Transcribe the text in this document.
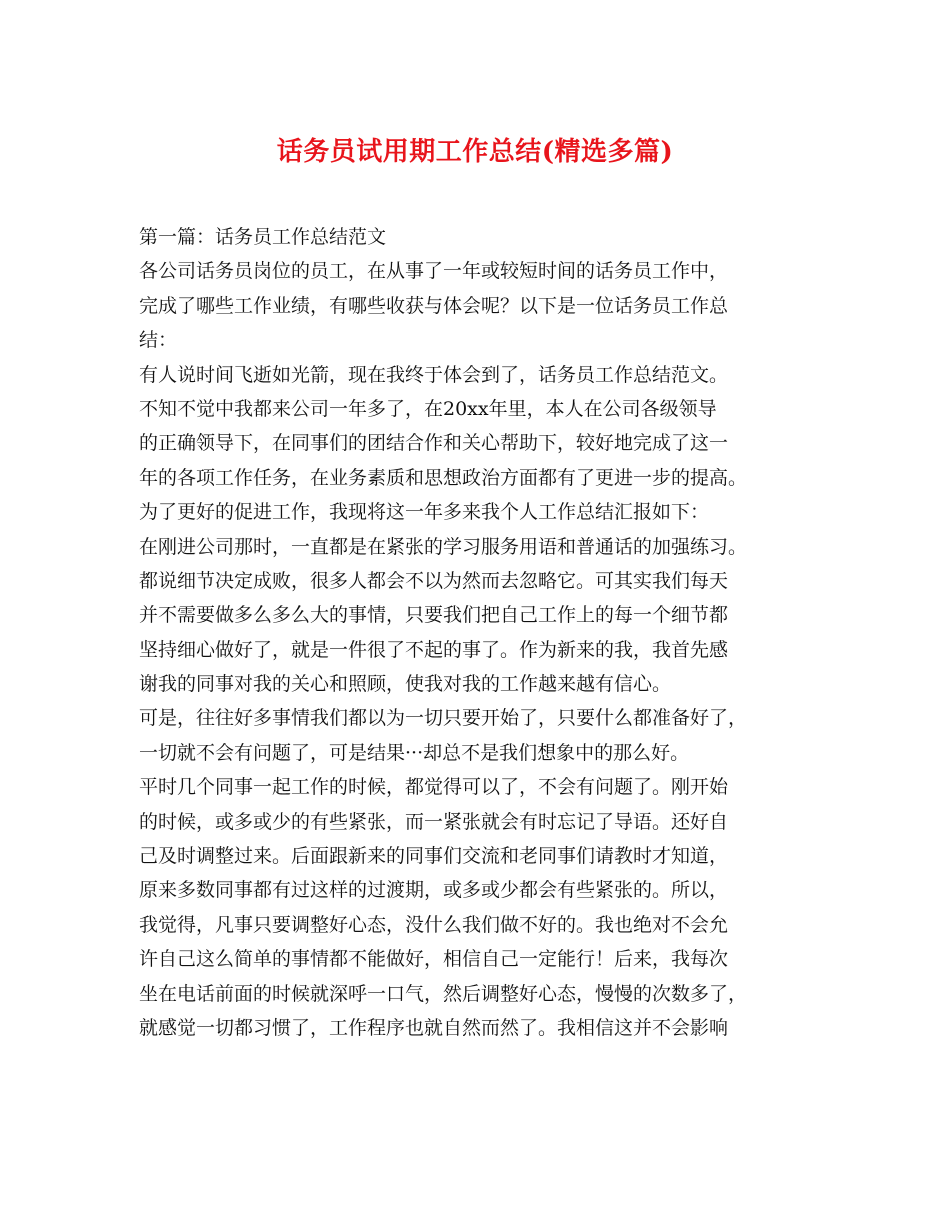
话务员试用期工作总结(精选多篇)
第一篇：话务员工作总结范文
各公司话务员岗位的员工，在从事了一年或较短时间的话务员工作中，
完成了哪些工作业绩，有哪些收获与体会呢？以下是一位话务员工作总
结：
有人说时间飞逝如光箭，现在我终于体会到了，话务员工作总结范文。
不知不觉中我都来公司一年多了，在20xx年里，本人在公司各级领导
的正确领导下，在同事们的团结合作和关心帮助下，较好地完成了这一
年的各项工作任务，在业务素质和思想政治方面都有了更进一步的提高。
为了更好的促进工作，我现将这一年多来我个人工作总结汇报如下：
在刚进公司那时，一直都是在紧张的学习服务用语和普通话的加强练习。
都说细节决定成败，很多人都会不以为然而去忽略它。可其实我们每天
并不需要做多么多么大的事情，只要我们把自己工作上的每一个细节都
坚持细心做好了，就是一件很了不起的事了。作为新来的我，我首先感
谢我的同事对我的关心和照顾，使我对我的工作越来越有信心。
可是，往往好多事情我们都以为一切只要开始了，只要什么都准备好了，
一切就不会有问题了，可是结果···却总不是我们想象中的那么好。
平时几个同事一起工作的时候，都觉得可以了，不会有问题了。刚开始
的时候，或多或少的有些紧张，而一紧张就会有时忘记了导语。还好自
己及时调整过来。后面跟新来的同事们交流和老同事们请教时才知道，
原来多数同事都有过这样的过渡期，或多或少都会有些紧张的。所以，
我觉得，凡事只要调整好心态，没什么我们做不好的。我也绝对不会允
许自己这么简单的事情都不能做好，相信自己一定能行！后来，我每次
坐在电话前面的时候就深呼一口气，然后调整好心态，慢慢的次数多了，
就感觉一切都习惯了，工作程序也就自然而然了。我相信这并不会影响
